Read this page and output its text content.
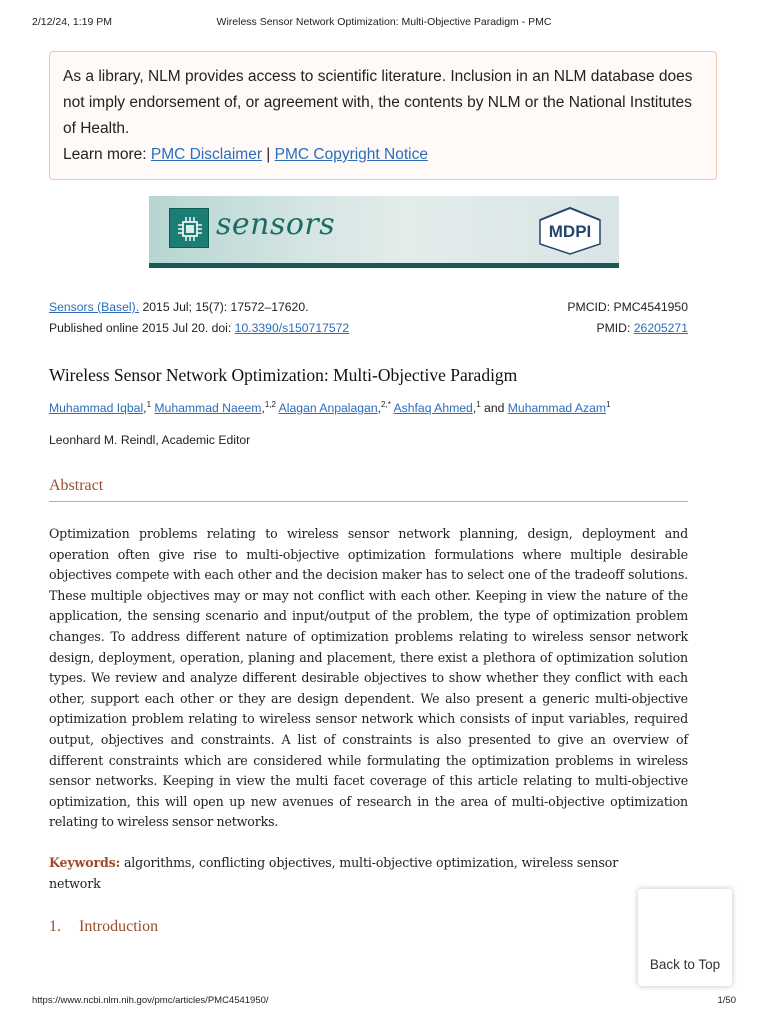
2/12/24, 1:19 PM	Wireless Sensor Network Optimization: Multi-Objective Paradigm - PMC
As a library, NLM provides access to scientific literature. Inclusion in an NLM database does not imply endorsement of, or agreement with, the contents by NLM or the National Institutes of Health.
Learn more: PMC Disclaimer | PMC Copyright Notice
sensors	MDPI
Sensors (Basel). 2015 Jul; 15(7): 17572–17620.	PMCID: PMC4541950
Published online 2015 Jul 20. doi: 10.3390/s150717572	PMID: 26205271
Wireless Sensor Network Optimization: Multi-Objective Paradigm
Muhammad Iqbal,$^1$ Muhammad Naeem,$^{1,2}$ Alagan Anpalagan,$^{2,*}$ Ashfaq Ahmed,$^1$ and Muhammad Azam$^1$
Leonhard M. Reindl, Academic Editor
Abstract
Optimization problems relating to wireless sensor network planning, design, deployment and operation often give rise to multi-objective optimization formulations where multiple desirable objectives compete with each other and the decision maker has to select one of the tradeoff solutions. These multiple objectives may or may not conflict with each other. Keeping in view the nature of the application, the sensing scenario and input/output of the problem, the type of optimization problem changes. To address different nature of optimization problems relating to wireless sensor network design, deployment, operation, planing and placement, there exist a plethora of optimization solution types. We review and analyze different desirable objectives to show whether they conflict with each other, support each other or they are design dependent. We also present a generic multi-objective optimization problem relating to wireless sensor network which consists of input variables, required output, objectives and constraints. A list of constraints is also presented to give an overview of different constraints which are considered while formulating the optimization problems in wireless sensor networks. Keeping in view the multi facet coverage of this article relating to multi-objective optimization, this will open up new avenues of research in the area of multi-objective optimization relating to wireless sensor networks.
Keywords: algorithms, conflicting objectives, multi-objective optimization, wireless sensor network
1. Introduction
Back to Top
https://www.ncbi.nlm.nih.gov/pmc/articles/PMC4541950/	1/50
